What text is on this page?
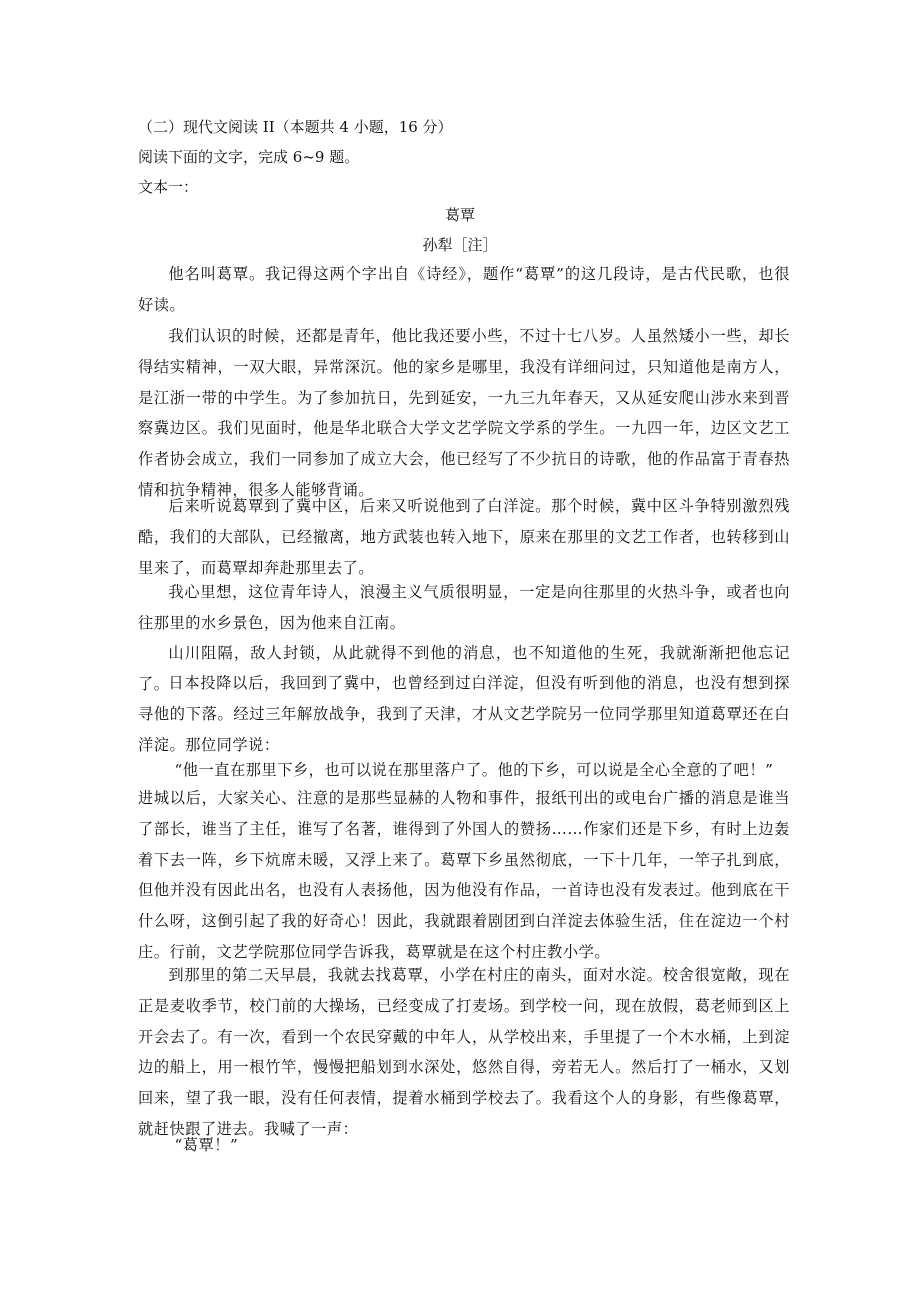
（二）现代文阅读 II（本题共 4 小题，16 分）
阅读下面的文字，完成 6~9 题。
文本一：
葛覃
孙犁［注］

他名叫葛覃。我记得这两个字出自《诗经》，题作“葛覃”的这几段诗，是古代民歌，也很好读。

我们认识的时候，还都是青年，他比我还要小些，不过十七八岁。人虽然矮小一些，却长得结实精神，一双大眼，异常深沉。他的家乡是哪里，我没有详细问过，只知道他是南方人，是江浙一带的中学生。为了参加抗日，先到延安，一九三九年春天，又从延安爬山涉水来到晋察冀边区。我们见面时，他是华北联合大学文艺学院文学系的学生。一九四一年，边区文艺工作者协会成立，我们一同参加了成立大会，他已经写了不少抗日的诗歌，他的作品富于青春热情和抗争精神，很多人能够背诵。

后来听说葛覃到了冀中区，后来又听说他到了白洋淀。那个时候，冀中区斗争特别激烈残酷，我们的大部队，已经撤离，地方武装也转入地下，原来在那里的文艺工作者，也转移到山里来了，而葛覃却奔赴那里去了。

我心里想，这位青年诗人，浪漫主义气质很明显，一定是向往那里的火热斗争，或者也向往那里的水乡景色，因为他来自江南。

山川阻隔，敌人封锁，从此就得不到他的消息，也不知道他的生死，我就渐渐把他忘记了。

日本投降以后，我回到了冀中，也曾经到过白洋淀，但没有听到他的消息，也没有想到探寻他的下落。经过三年解放战争，我到了天津，才从文艺学院另一位同学那里知道葛覃还在白洋淀。那位同学说：

“他一直在那里下乡，也可以说在那里落户了。他的下乡，可以说是全心全意的了吧！”

进城以后，大家关心、注意的是那些显赫的人物和事件，报纸刊出的或电台广播的消息是谁当了部长，谁当了主任，谁写了名著，谁得到了外国人的赞扬……作家们还是下乡，有时上边轰着下去一阵，乡下炕席未暖，又浮上来了。葛覃下乡虽然彻底，一下十几年，一竿子扎到底，但他并没有因此出名，也没有人表扬他，因为他没有作品，一首诗也没有发表过。他到底在干什么呀，这倒引起了我的好奇心！因此，我就跟着剧团到白洋淀去体验生活，住在淀边一个村庄。行前，文艺学院那位同学告诉我，葛覃就是在这个村庄教小学。

到那里的第二天早晨，我就去找葛覃，小学在村庄的南头，面对水淀。校舍很宽敞，现在正是麦收季节，校门前的大操场，已经变成了打麦场。到学校一问，现在放假，葛老师到区上开会去了。有一次，看到一个农民穿戴的中年人，从学校出来，手里提了一个木水桶，上到淀边的船上，用一根竹竿，慢慢把船划到水深处，悠然自得，旁若无人。然后打了一桶水，又划回来，望了我一眼，没有任何表情，提着水桶到学校去了。我看这个人的身影，有些像葛覃，就赶快跟了进去。我喊了一声：

“葛覃！”
